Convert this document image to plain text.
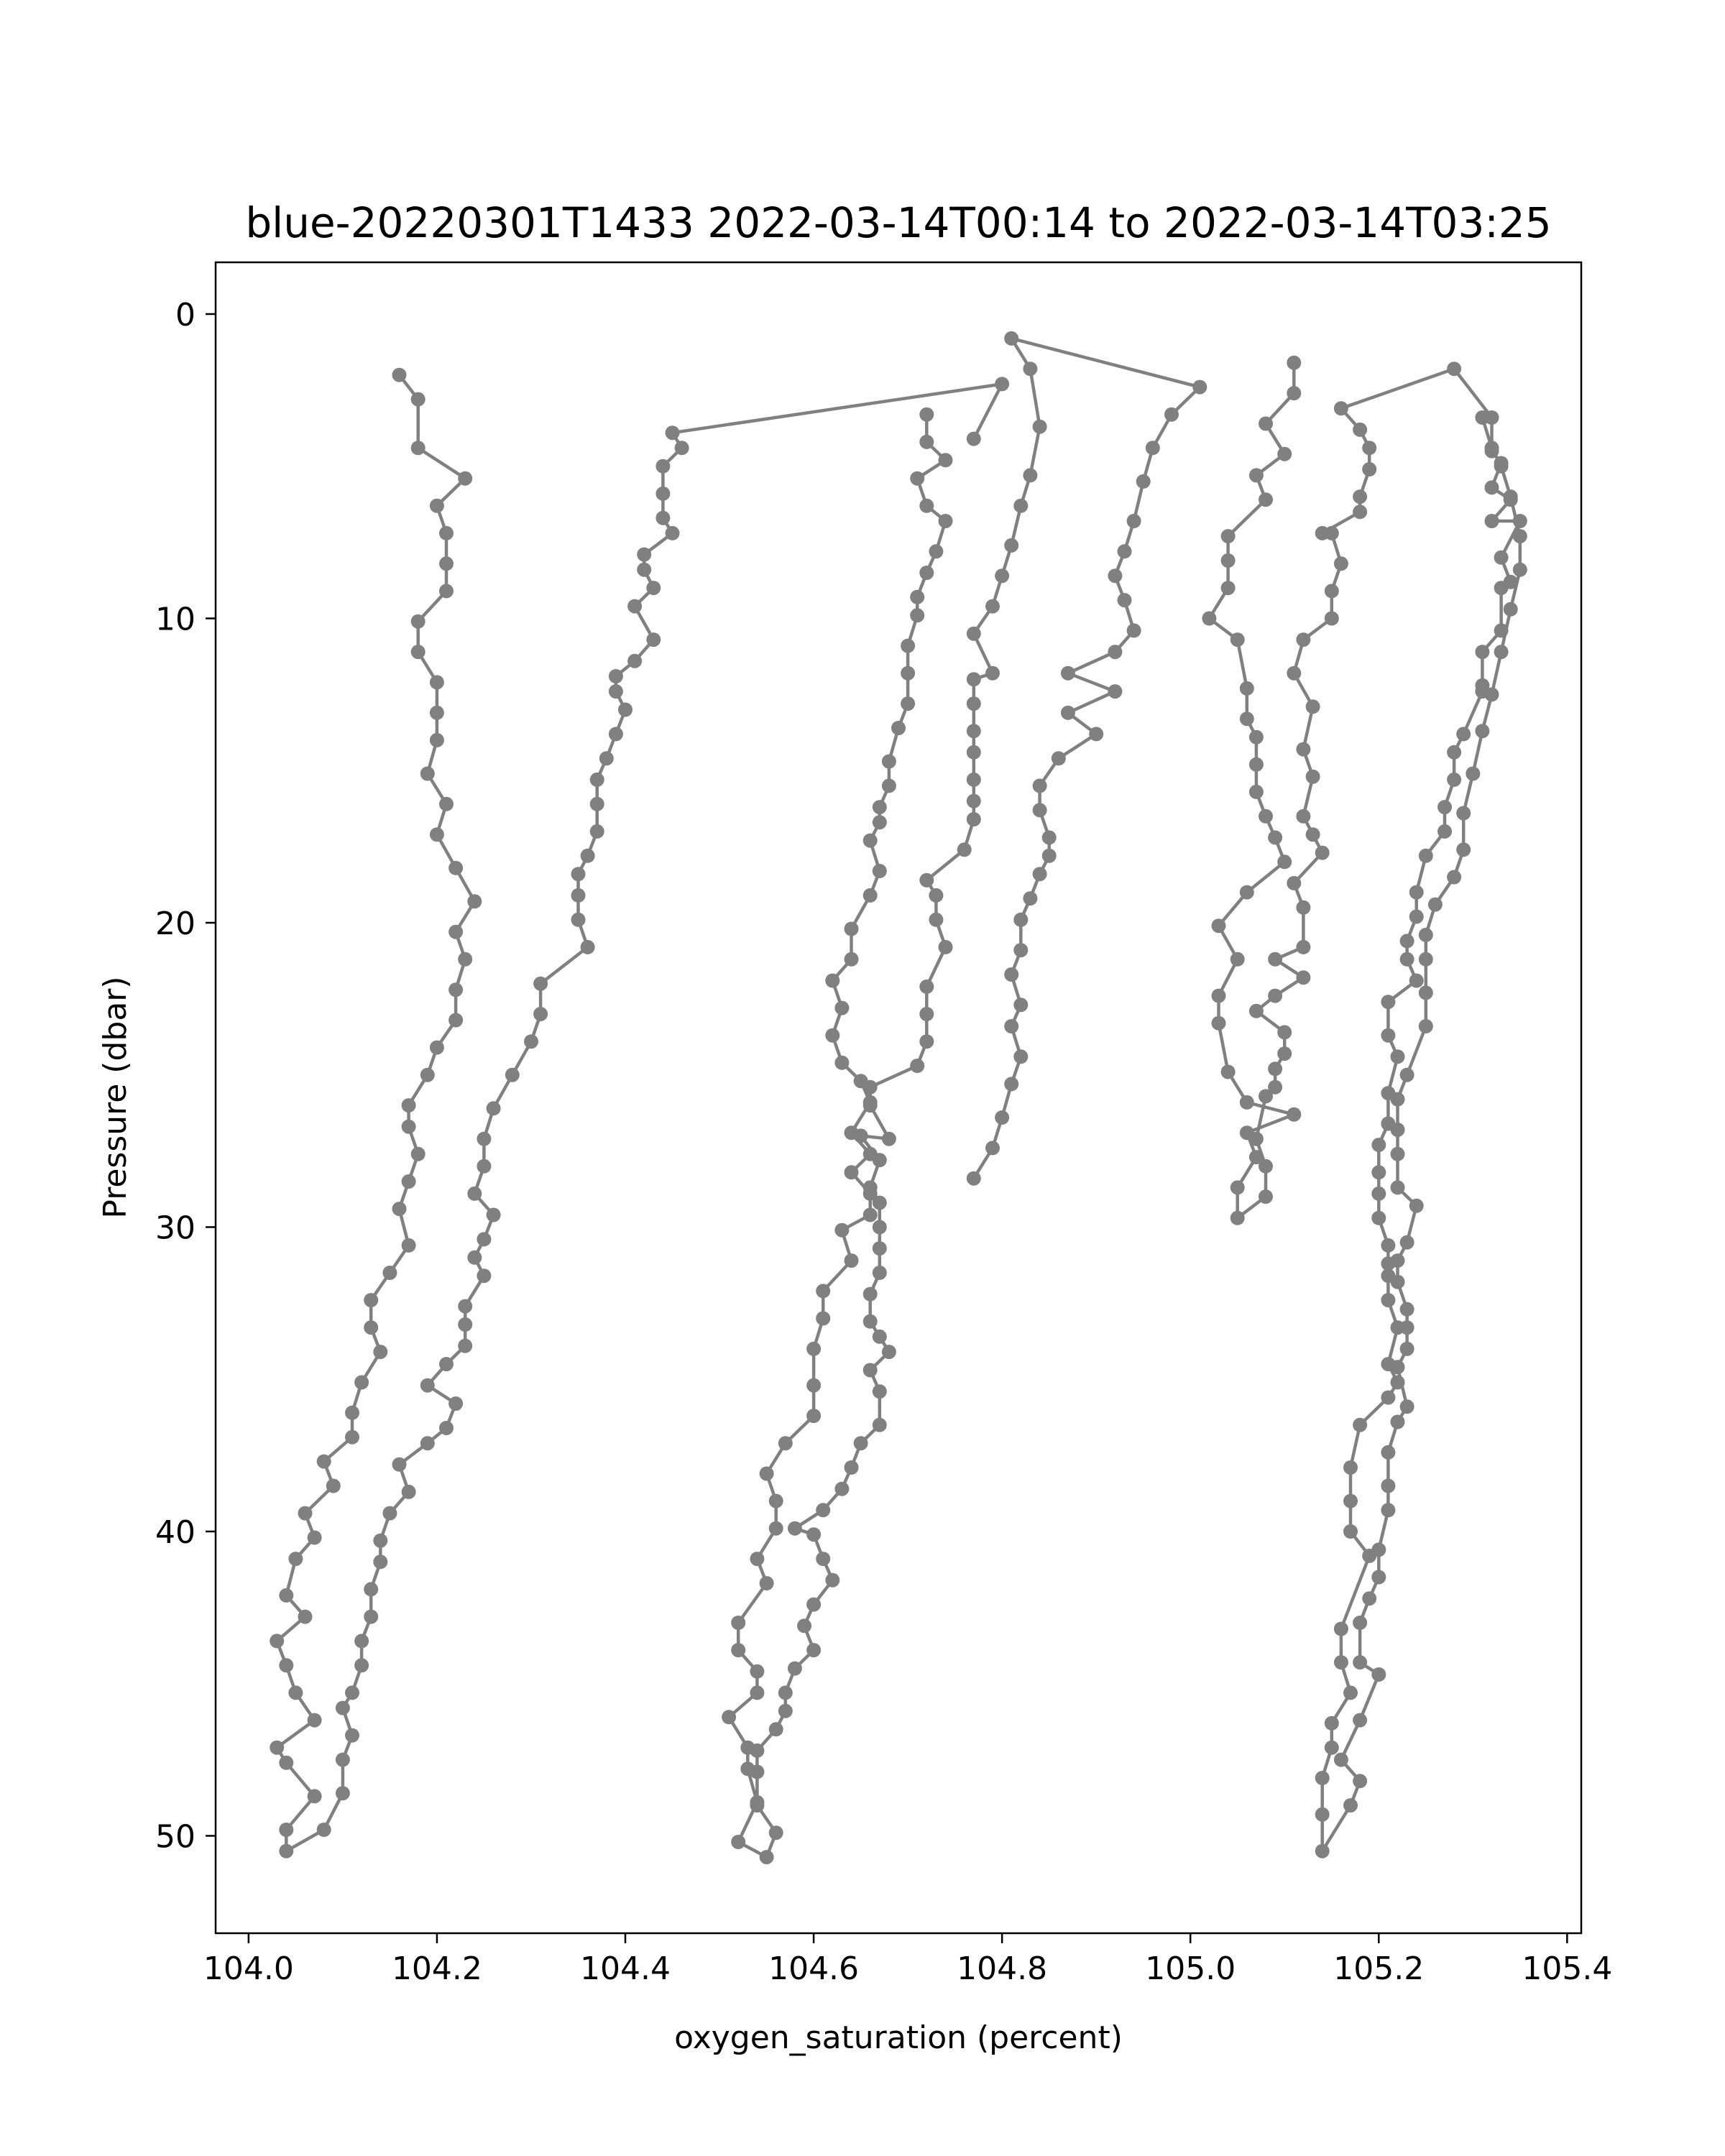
blue-20220301T1433 2022-03-14T00:14 to 2022-03-14T03:25
104.0	104.2	104.4	104.6	104.8	105.0	105.2	105.4
0
10
20
30
40
50
oxygen_saturation (percent)
Pressure (dbar)
